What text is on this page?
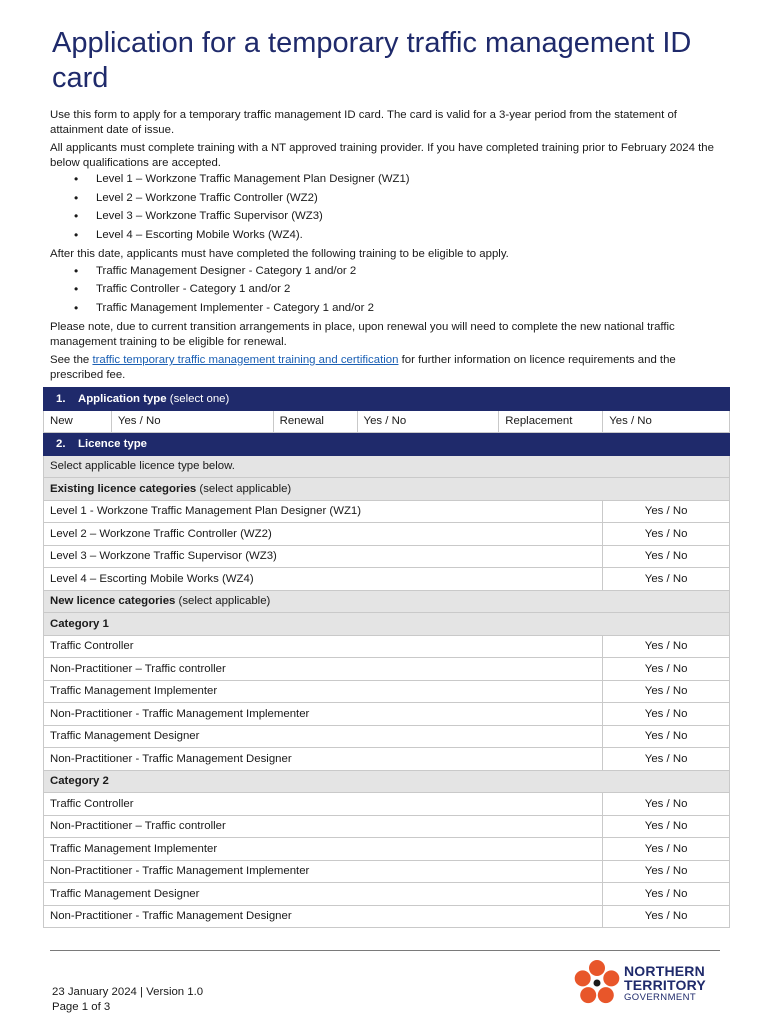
Application for a temporary traffic management ID card

Use this form to apply for a temporary traffic management ID card. The card is valid for a 3-year period from the statement of attainment date of issue.

All applicants must complete training with a NT approved training provider. If you have completed training prior to February 2024 the below qualifications are accepted.

• Level 1 – Workzone Traffic Management Plan Designer (WZ1)
• Level 2 – Workzone Traffic Controller (WZ2)
• Level 3 – Workzone Traffic Supervisor (WZ3)
• Level 4 – Escorting Mobile Works (WZ4).

After this date, applicants must have completed the following training to be eligible to apply.

• Traffic Management Designer - Category 1 and/or 2
• Traffic Controller - Category 1 and/or 2
• Traffic Management Implementer - Category 1 and/or 2

Please note, due to current transition arrangements in place, upon renewal you will need to complete the new national traffic management training to be eligible for renewal.

See the traffic temporary traffic management training and certification for further information on licence requirements and the prescribed fee.

1. Application type (select one)					
New	Yes / No	Renewal	Yes / No	Replacement	Yes / No
2. Licence type					
Select applicable licence type below.					
Existing licence categories (select applicable)					
Level 1 - Workzone Traffic Management Plan Designer (WZ1)					Yes / No
Level 2 – Workzone Traffic Controller (WZ2)					Yes / No
Level 3 – Workzone Traffic Supervisor (WZ3)					Yes / No
Level 4 – Escorting Mobile Works (WZ4)					Yes / No
New licence categories (select applicable)					
Category 1					
Traffic Controller					Yes / No
Non-Practitioner – Traffic controller					Yes / No
Traffic Management Implementer					Yes / No
Non-Practitioner - Traffic Management Implementer					Yes / No
Traffic Management Designer					Yes / No
Non-Practitioner - Traffic Management Designer					Yes / No
Category 2					
Traffic Controller					Yes / No
Non-Practitioner – Traffic controller					Yes / No
Traffic Management Implementer					Yes / No
Non-Practitioner - Traffic Management Implementer					Yes / No
Traffic Management Designer					Yes / No
Non-Practitioner - Traffic Management Designer					Yes / No
23 January 2024 | Version 1.0
Page 1 of 3
NORTHERN
TERRITORY
GOVERNMENT
